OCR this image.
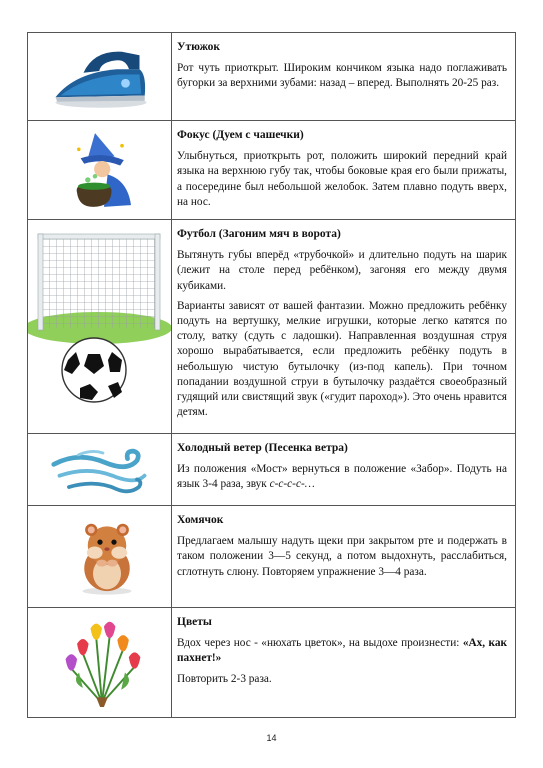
Утюжок
Рот чуть приоткрыт. Широким кончиком языка надо поглаживать бугорки за верхними зубами: назад – вперед. Выполнять 20-25 раз.

Фокус (Дуем с чашечки)
Улыбнуться, приоткрыть рот, положить широкий передний край языка на верхнюю губу так, чтобы боковые края его были прижаты, а посередине был небольшой желобок. Затем плавно подуть вверх, на нос.

Футбол (Загоним мяч в ворота)
Вытянуть губы вперёд «трубочкой» и длительно подуть на шарик (лежит на столе перед ребёнком), загоняя его между двумя кубиками.
Варианты зависят от вашей фантазии. Можно предложить ребёнку подуть на вертушку, мелкие игрушки, которые легко катятся по столу, ватку (сдуть с ладошки). Направленная воздушная струя хорошо вырабатывается, если предложить ребёнку подуть в небольшую чистую бутылочку (из-под капель). При точном попадании воздушной струи в бутылочку раздаётся своеобразный гудящий или свистящий звук («гудит пароход»). Это очень нравится детям.

Холодный ветер (Песенка ветра)
Из положения «Мост» вернуться в положение «Забор». Подуть на язык 3-4 раза, звук с-с-с-с-…

Хомячок
Предлагаем малышу надуть щеки при закрытом рте и подержать в таком положении 3—5 секунд, а потом выдохнуть, расслабиться, сглотнуть слюну. Повторяем упражнение 3—4 раза.

Цветы
Вдох через нос - «нюхать цветок», на выдохе произнести: «Ах, как пахнет!»
Повторить 2-3 раза.
14
